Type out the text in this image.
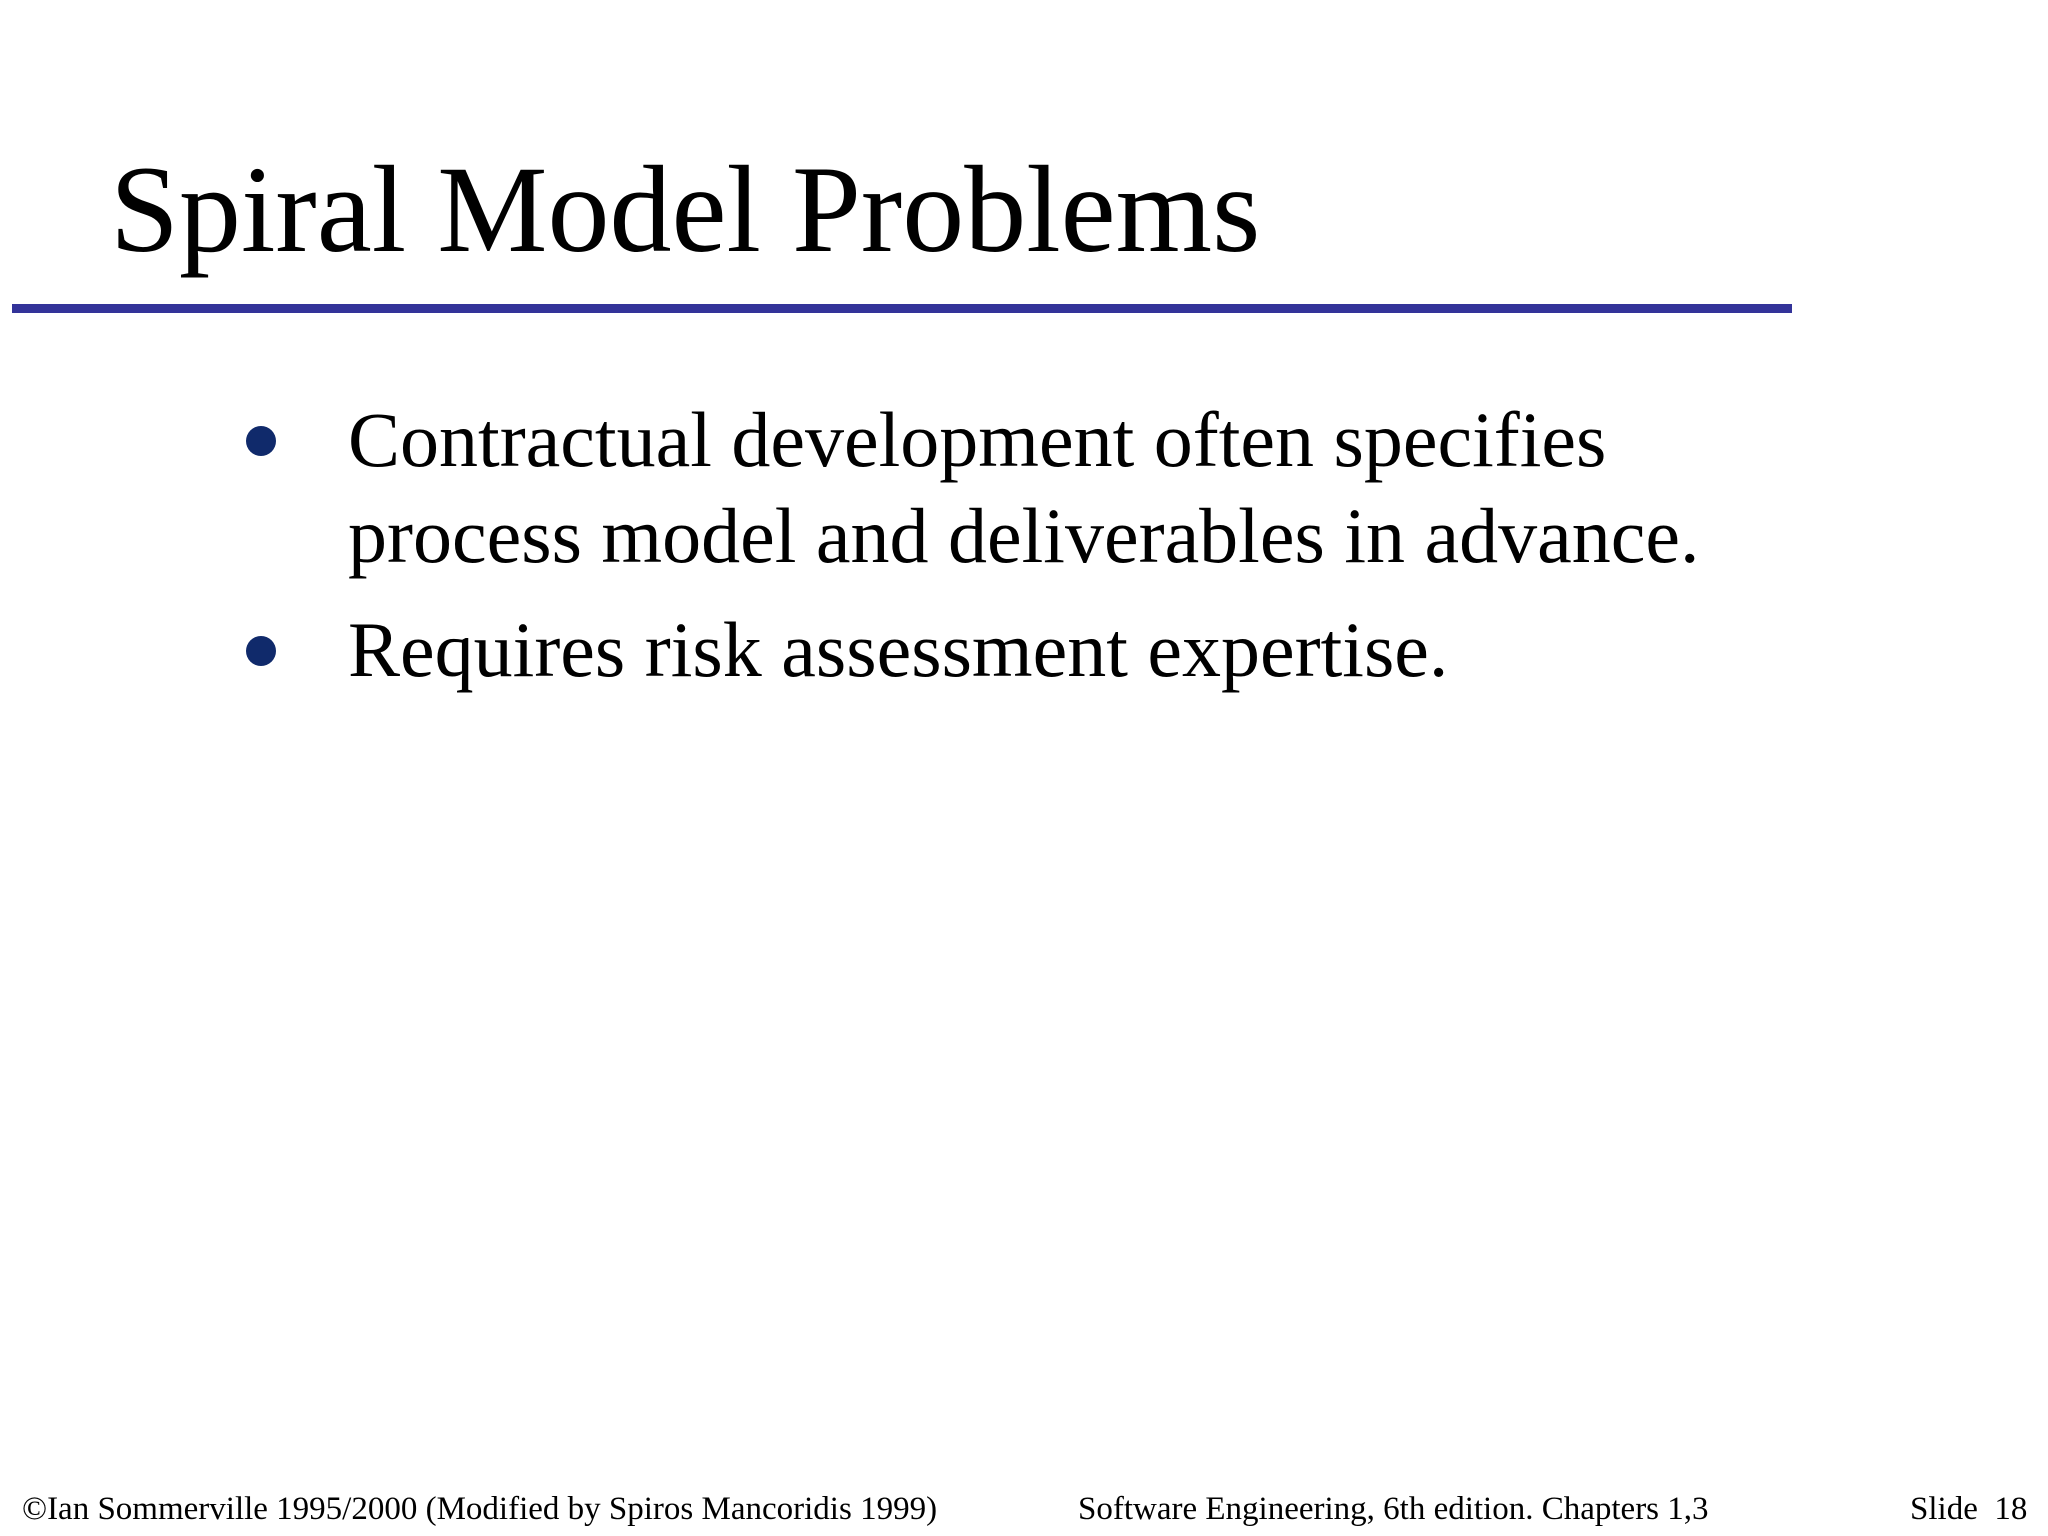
Spiral Model Problems
Contractual development often specifies process model and deliverables in advance.
Requires risk assessment expertise.
©Ian Sommerville 1995/2000 (Modified by Spiros Mancoridis 1999)	Software Engineering, 6th edition. Chapters 1,3	Slide  18
